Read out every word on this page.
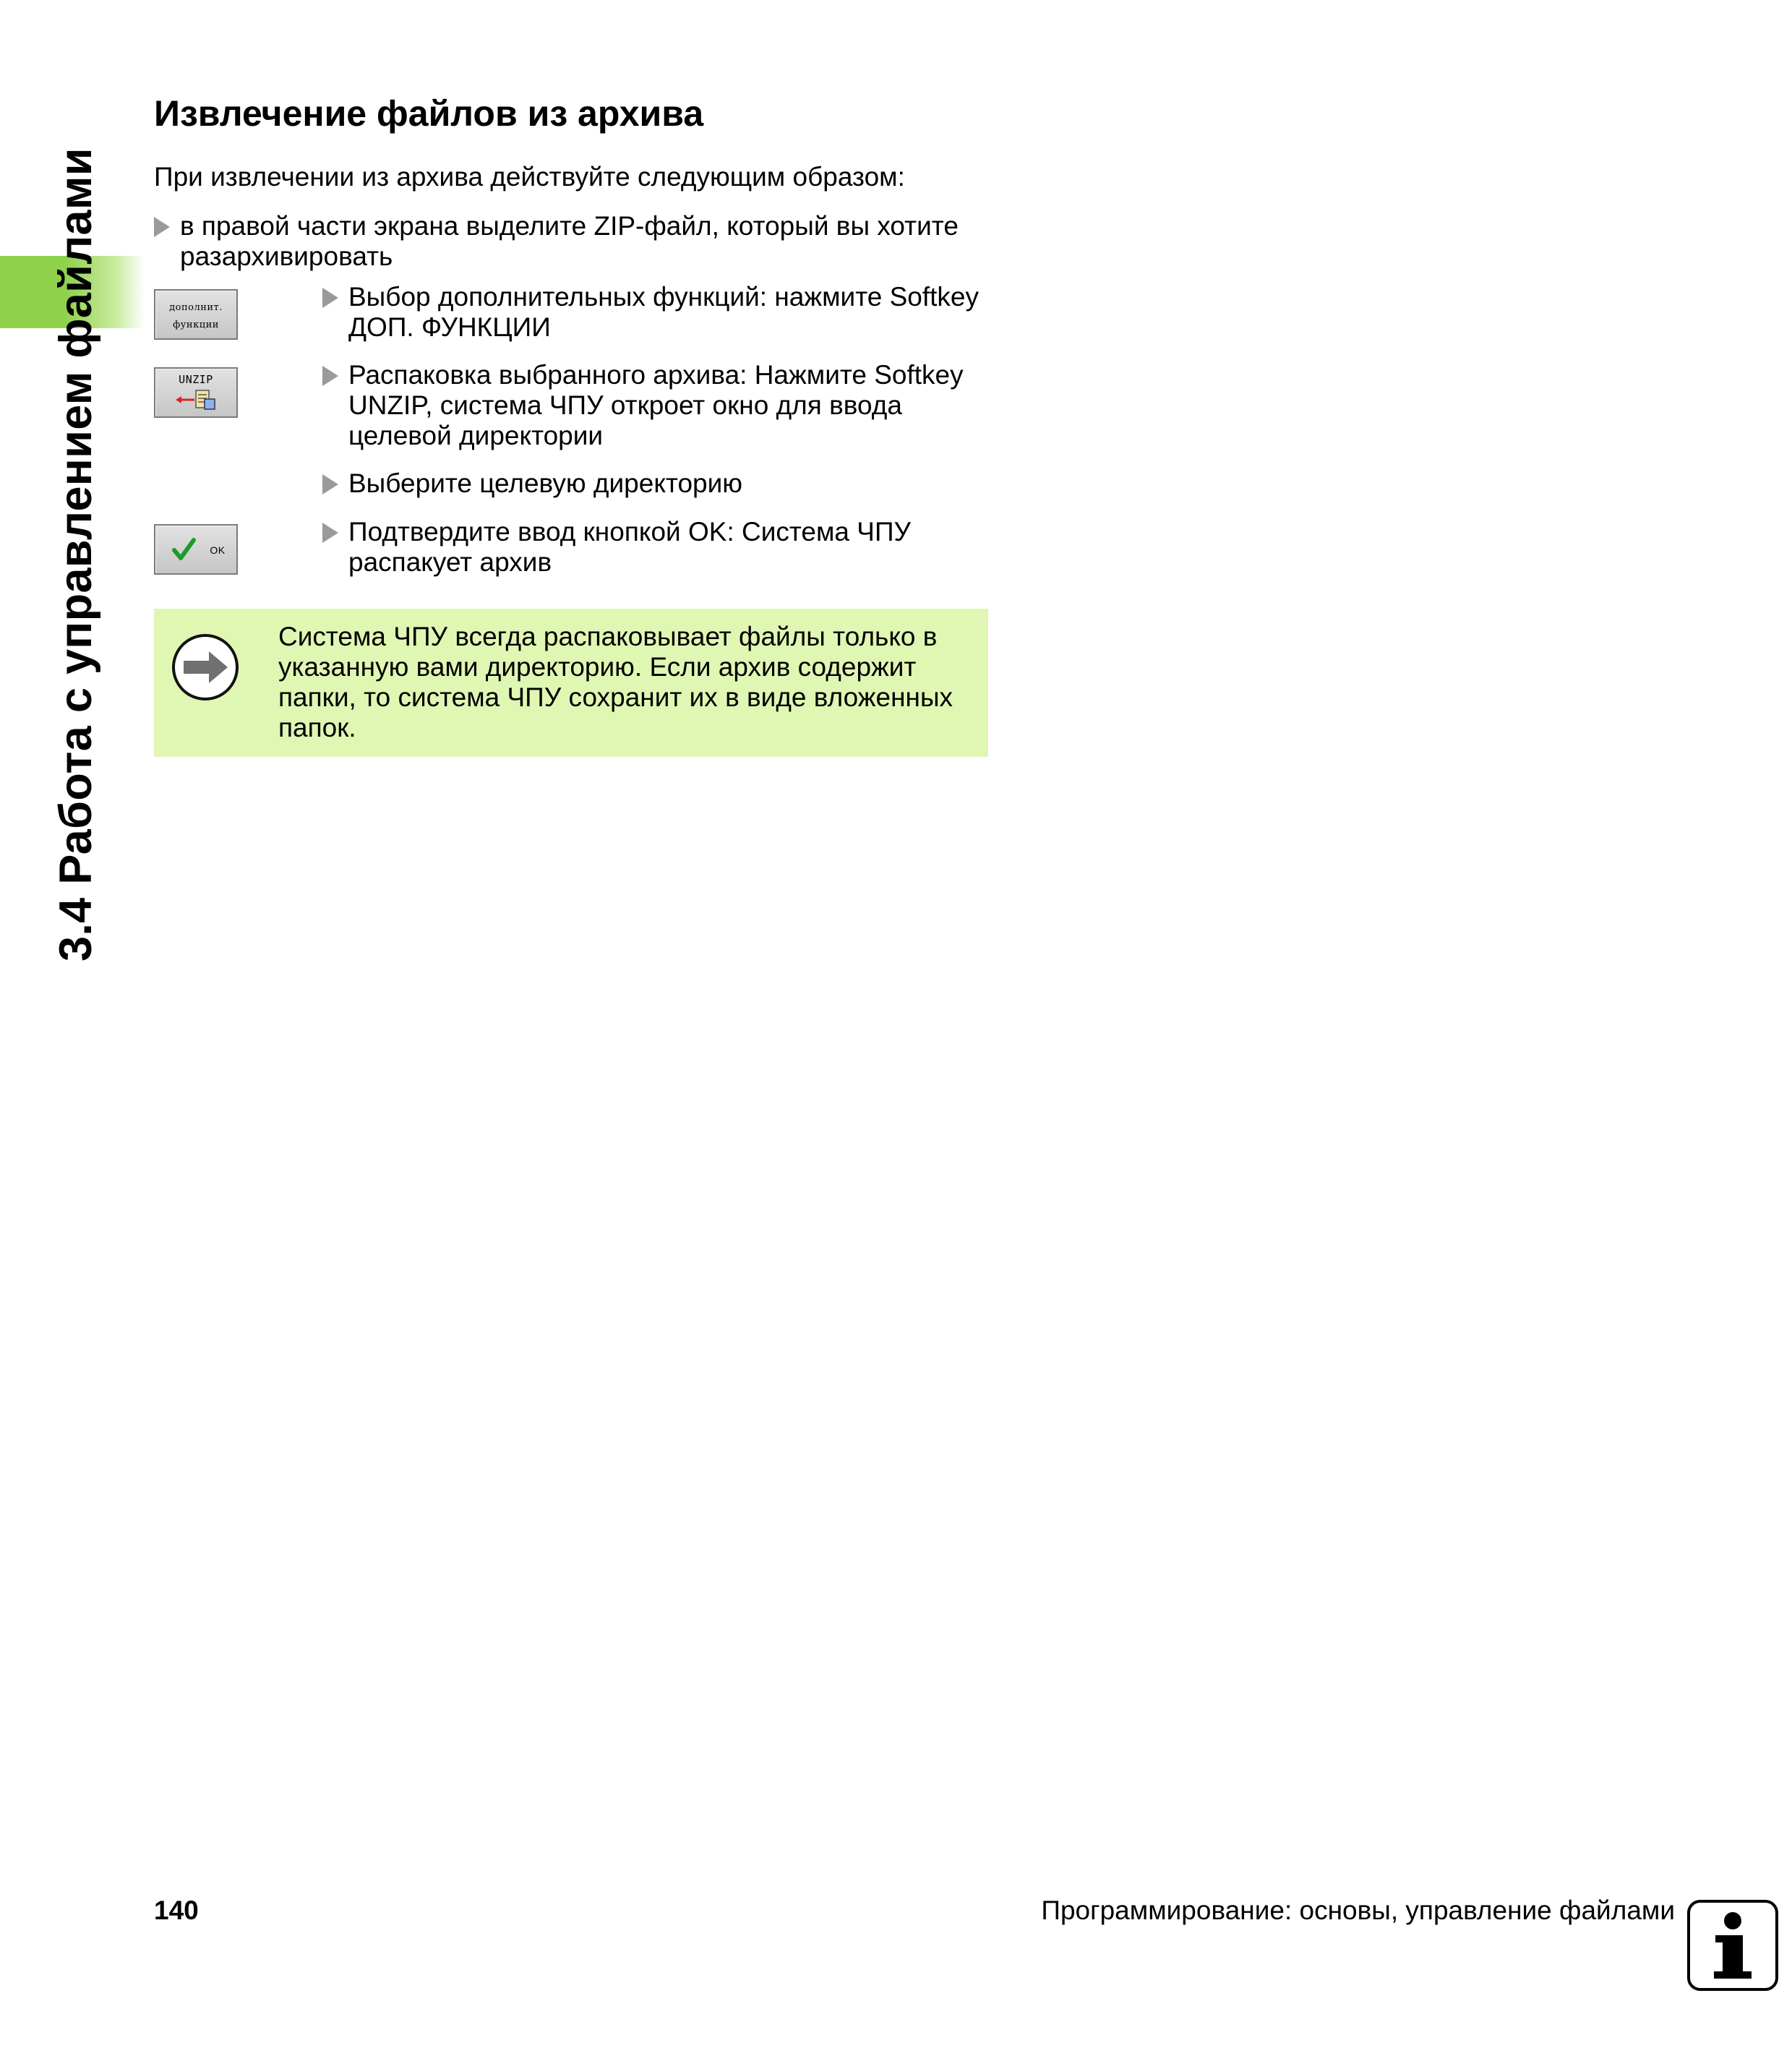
3.4 Работа с управлением файлами
Извлечение файлов из архива
При извлечении из архива действуйте следующим образом:
в правой части экрана выделите ZIP-файл, который вы хотите разархивировать
дополнит.
функции
Выбор дополнительных функций: нажмите Softkey ДОП. ФУНКЦИИ
UNZIP	Распаковка выбранного архива: Нажмите Softkey UNZIP, система ЧПУ откроет окно для ввода целевой директории
Выберите целевую директорию
OK
Подтвердите ввод кнопкой OK: Система ЧПУ распакует архив
Система ЧПУ всегда распаковывает файлы только в указанную вами директорию. Если архив содержит папки, то система ЧПУ сохранит их в виде вложенных папок.
140	Программирование: основы, управление файлами
